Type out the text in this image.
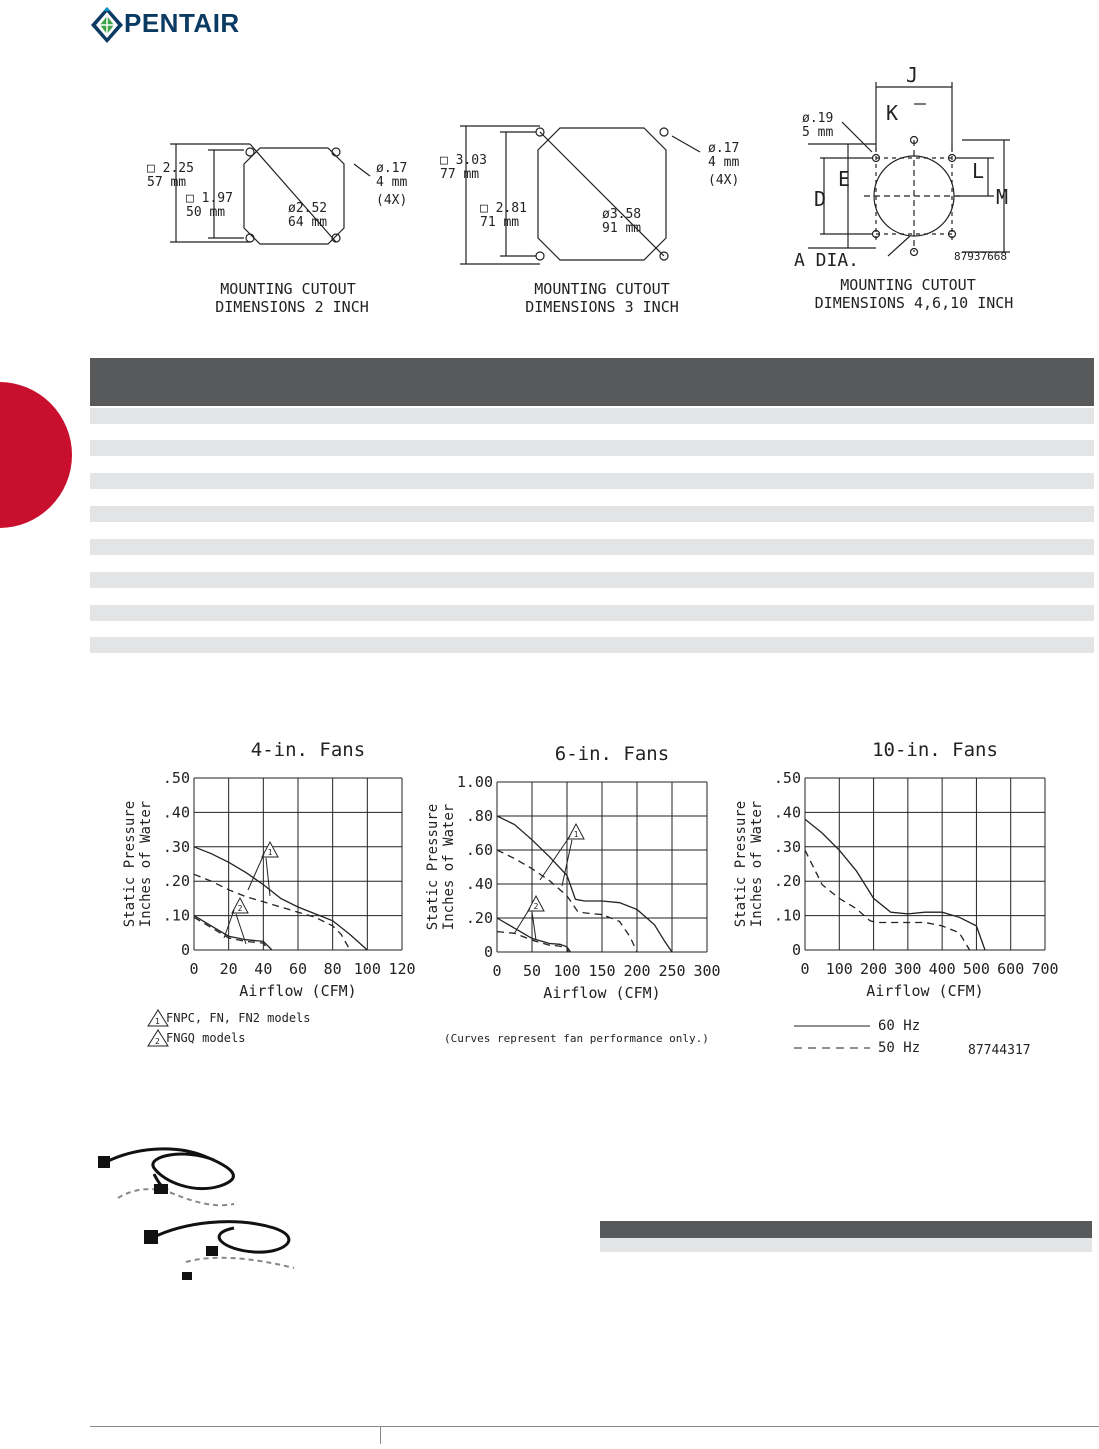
PENTAIR
□ 2.25
57 mm
□ 1.97
50 mm	ø2.52
64 mm
ø.17
4 mm
(4X)
□ 3.03
77 mm
□ 2.81
71 mm
ø3.58
91 mm
ø.17
4 mm
(4X)
ø.19
5 mm
87937668
J
K
E
D
L
M
A DIA.
MOUNTING CUTOUT
DIMENSIONS 2 INCH
MOUNTING CUTOUT
DIMENSIONS 3 INCH
MOUNTING CUTOUT
DIMENSIONS 4,6,10 INCH
0 20 40 60 80 100 120
0
.10
.20
.30
.40
.50
4-in. Fans
Airflow (CFM)
Static Pressure Inches of Water	1
2
0 50 100 150 200 250 300
0
.20
.40
.60
.80
1.00
6-in. Fans
Airflow (CFM)
Static Pressure Inches of Water	1
2
0 100 200 300 400 500 600 700
0
.10
.20
.30
.40
.50
10-in. Fans
Airflow (CFM)
Static Pressure Inches of Water
1 FNPC, FN, FN2 models
2 FNGQ models	(Curves represent fan performance only.)
60 Hz
50 Hz	87744317
